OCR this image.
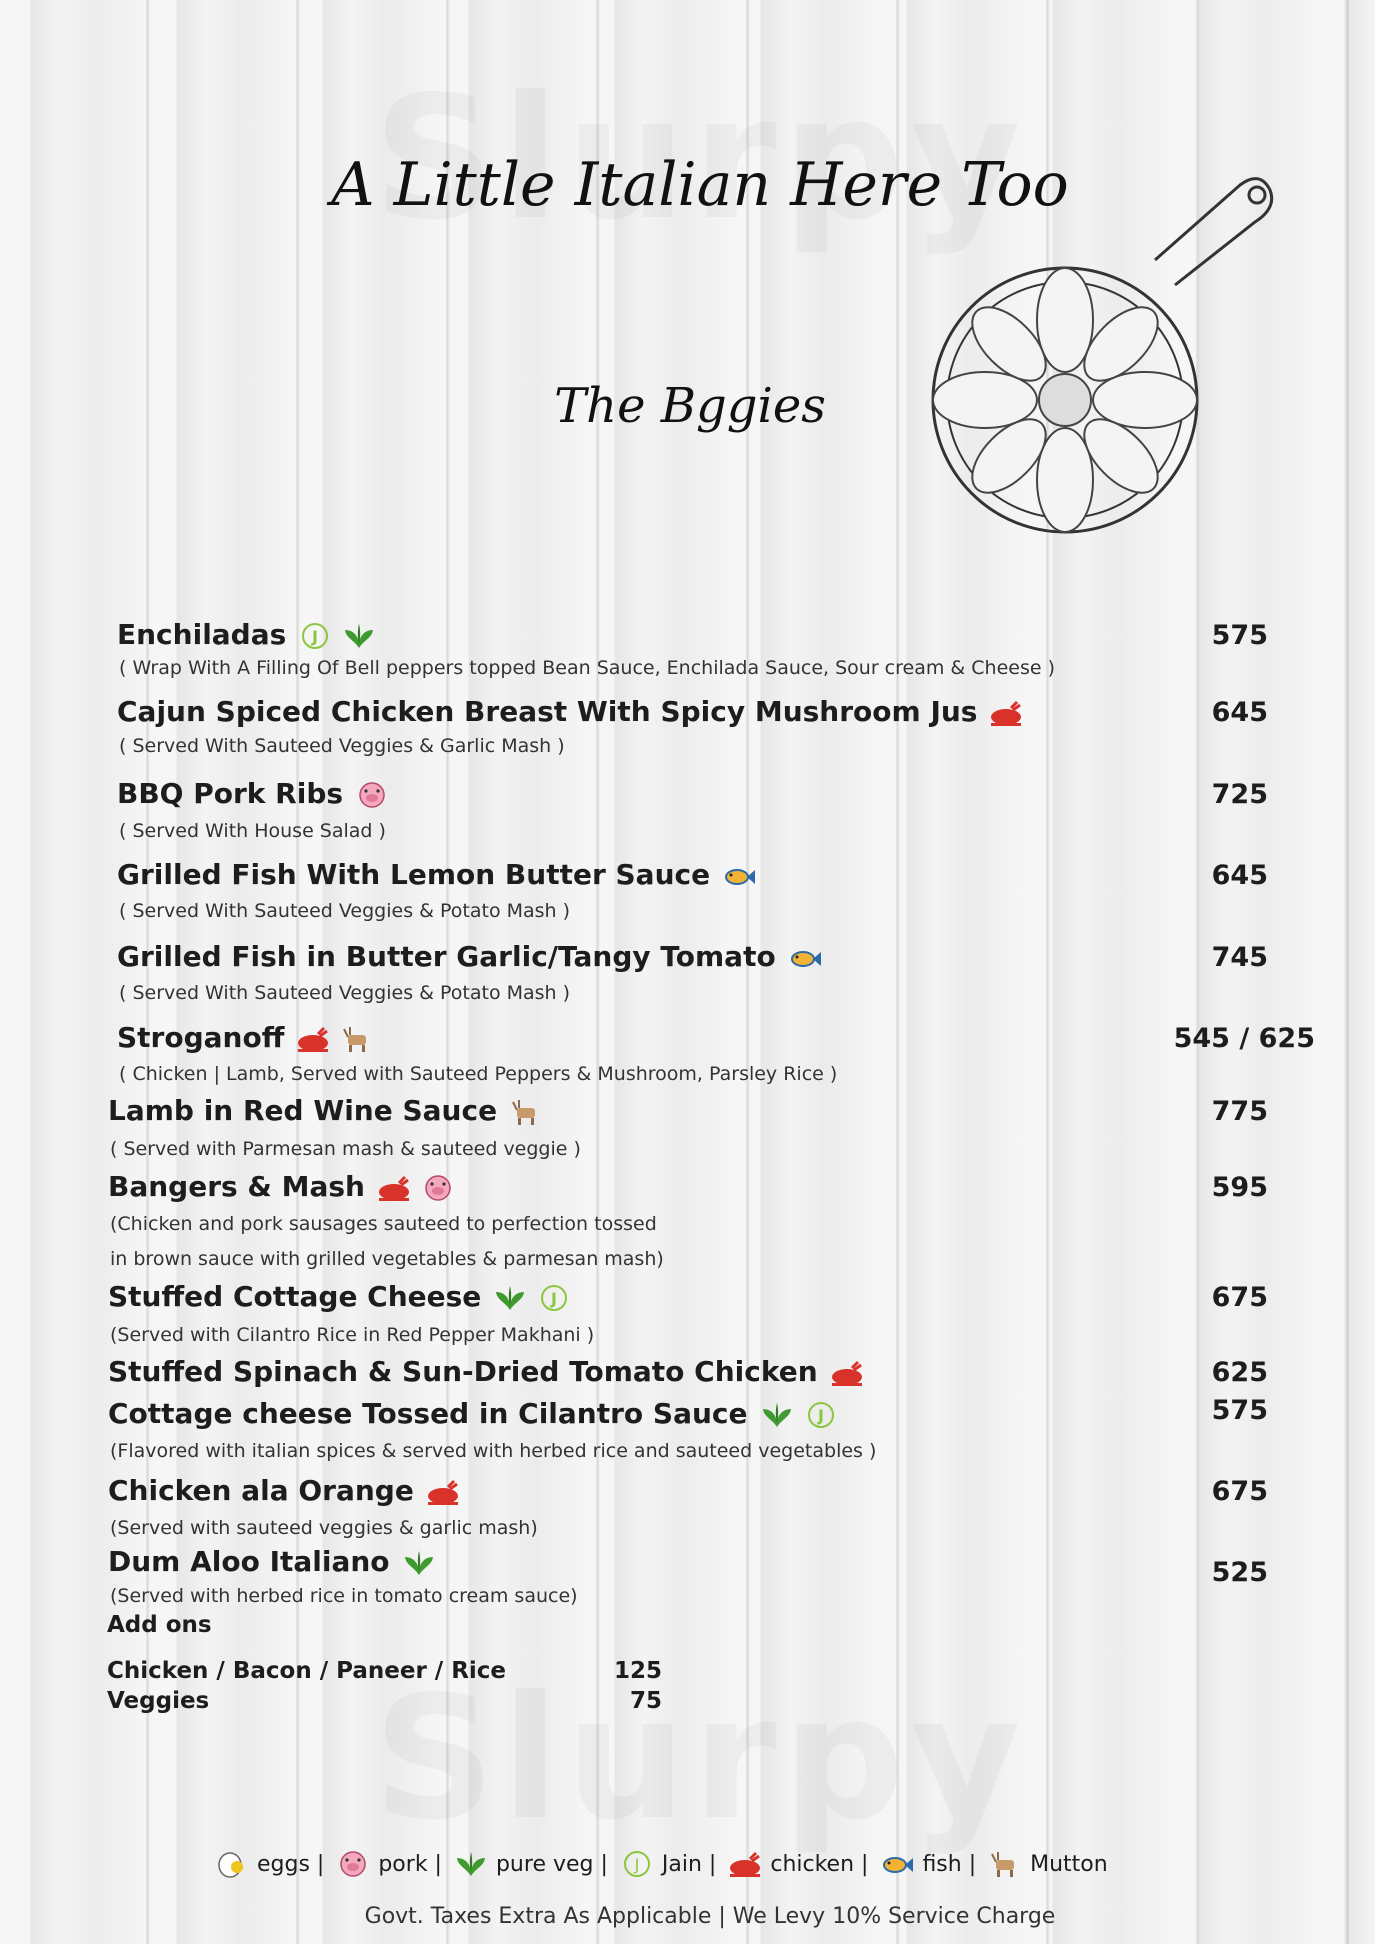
A Little Italian Here Too
The Bggies
Enchiladas
( Wrap With A Filling Of Bell peppers topped Bean Sauce, Enchilada Sauce, Sour cream & Cheese )
575
Cajun Spiced Chicken Breast With Spicy Mushroom Jus
( Served With Sauteed Veggies & Garlic Mash )
645
BBQ Pork Ribs
( Served With House Salad )
725
Grilled Fish With Lemon Butter Sauce
( Served With Sauteed Veggies & Potato Mash )
645
Grilled Fish in Butter Garlic/Tangy Tomato
( Served With Sauteed Veggies & Potato Mash )
745
Stroganoff
( Chicken | Lamb, Served with Sauteed Peppers & Mushroom, Parsley Rice )
545 / 625
Lamb in Red Wine Sauce
( Served with Parmesan mash & sauteed veggie )
775
Bangers & Mash
(Chicken and pork sausages sauteed to perfection tossed
in brown sauce with grilled vegetables & parmesan mash)
595
Stuffed Cottage Cheese
(Served with Cilantro Rice in Red Pepper Makhani )
675
Stuffed Spinach & Sun-Dried Tomato Chicken	625
Cottage cheese Tossed in Cilantro Sauce
(Flavored with italian spices & served with herbed rice and sauteed vegetables )
575
Chicken ala Orange
(Served with sauteed veggies & garlic mash)
675
Dum Aloo Italiano
(Served with herbed rice in tomato cream sauce)
525
Add ons
Chicken / Bacon / Paneer / Rice	125
Veggies	75
eggs | pork | pure veg | Jain | chicken | fish | Mutton
Govt. Taxes Extra As Applicable | We Levy 10% Service Charge
